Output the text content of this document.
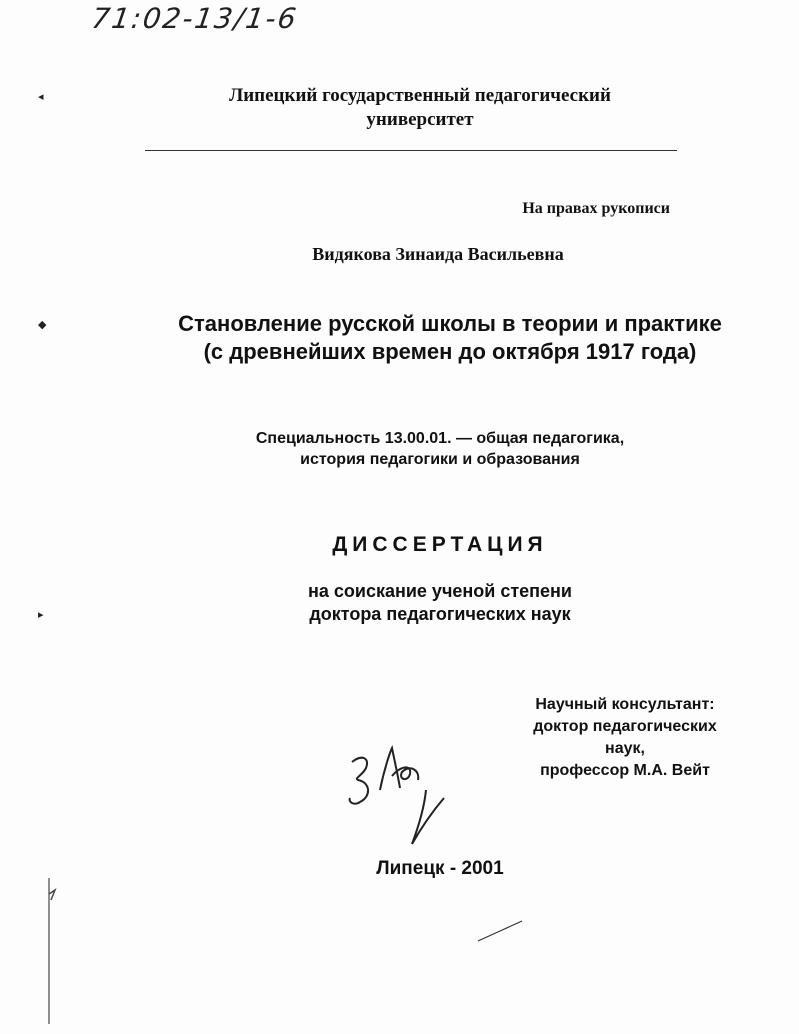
71:02-13/1-6
Липецкий государственный педагогический
университет
На правах рукописи
Видякова Зинаида Васильевна
Становление русской школы в теории и практике
(с древнейших времен до октября 1917 года)
Специальность 13.00.01. — общая педагогика,
история педагогики и образования
ДИССЕРТАЦИЯ
на соискание ученой степени
доктора педагогических наук
Научный консультант:
доктор педагогических
наук,
профессор М.А. Вейт
Липецк - 2001
◂
◆
▸
